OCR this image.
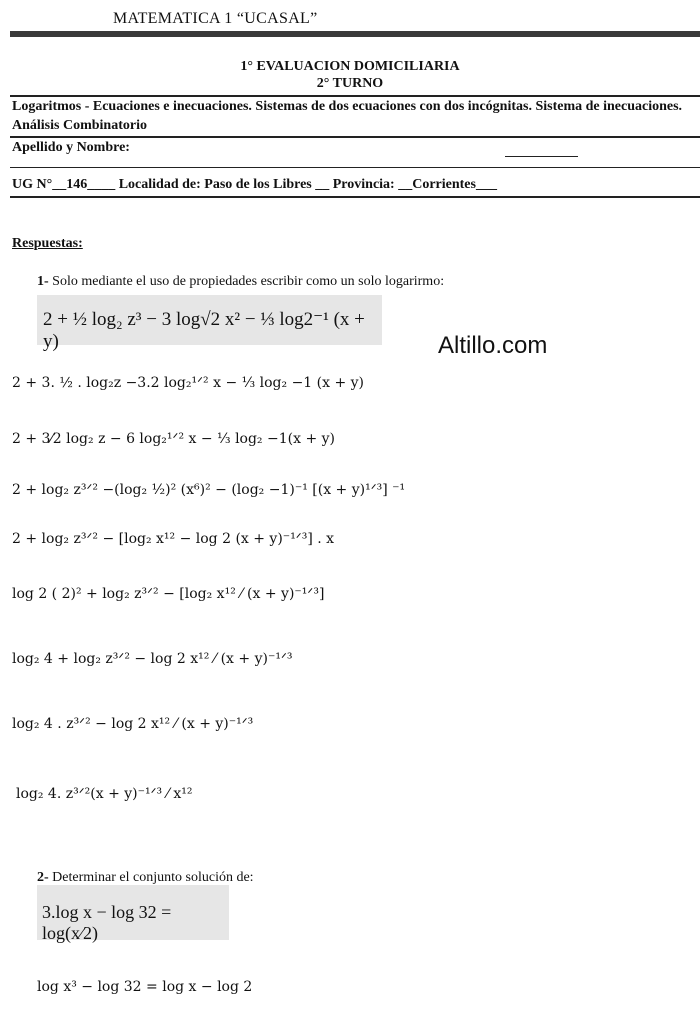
MATEMATICA 1 “UCASAL”
1° EVALUACION DOMICILIARIA
2° TURNO
Logaritmos - Ecuaciones e inecuaciones. Sistemas de dos ecuaciones con dos incógnitas. Sistema de inecuaciones. Análisis Combinatorio
Apellido y Nombre:
UG N°__146____ Localidad de: Paso de los Libres __ Provincia: __Corrientes___
Respuestas:
1- Solo mediante el uso de propiedades escribir como un solo logarirmo:
2 + ½ log₂ z³ − 3 log√2 x² − ⅓ log2⁻¹ (x + y)	Altillo.com
2 + 3. ½ . log₂z −3.2 log₂¹ᐟ² x − ⅓ log₂ −1 (x + y)
2 + 3⁄2 log₂ z − 6 log₂¹ᐟ² x − ⅓ log₂ −1(x + y)
2 + log₂ z³ᐟ² −(log₂ ¹⁄₂)² (x⁶)² − (log₂ −1)⁻¹ [(x + y)¹ᐟ³] ⁻¹
2 + log₂ z³ᐟ² − [log₂ x¹² − log 2 (x + y)⁻¹ᐟ³] . x
log 2 ( 2)² + log₂ z³ᐟ² − [log₂ x¹² ⁄ (x + y)⁻¹ᐟ³]
log₂ 4 + log₂ z³ᐟ² − log 2 x¹² ⁄ (x + y)⁻¹ᐟ³
log₂ 4 . z³ᐟ² − log 2 x¹² ⁄ (x + y)⁻¹ᐟ³
log₂ 4. z³ᐟ²(x + y)⁻¹ᐟ³ ⁄ x¹²
2- Determinar el conjunto solución de:
3.log x − log 32 = log(x⁄2)
log x³ − log 32 = log x − log 2
